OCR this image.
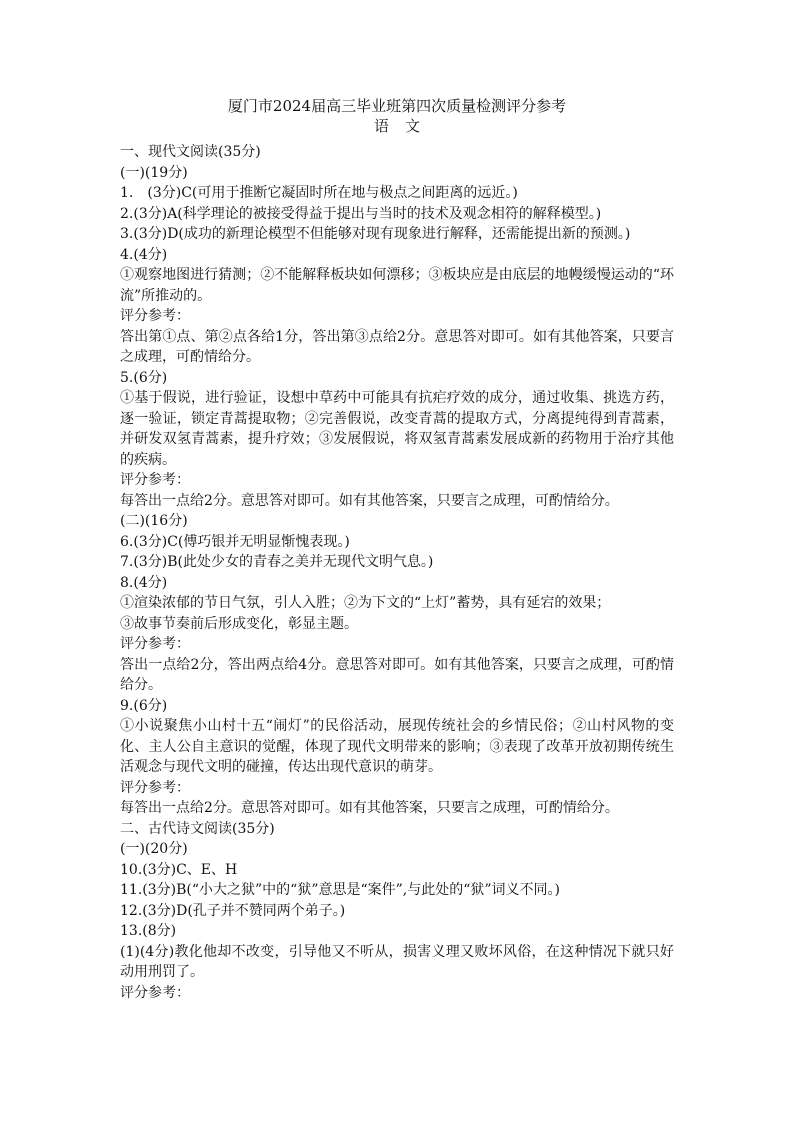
厦门市2024届高三毕业班第四次质量检测评分参考
语文

一、现代文阅读(35分)

(一)(19分)

1.　(3分)C(可用于推断它凝固时所在地与极点之间距离的远近。)

2.(3分)A(科学理论的被接受得益于提出与当时的技术及观念相符的解释模型。)

3.(3分)D(成功的新理论模型不但能够对现有现象进行解释，还需能提出新的预测。)

4.(4分)

①观察地图进行猜测；②不能解释板块如何漂移；③板块应是由底层的地幔缓慢运动的“环流”所推动的。

评分参考：

答出第①点、第②点各给1分，答出第③点给2分。意思答对即可。如有其他答案，只要言之成理，可酌情给分。

5.(6分)

①基于假说，进行验证，设想中草药中可能具有抗疟疗效的成分，通过收集、挑选方药，逐一验证，锁定青蒿提取物；②完善假说，改变青蒿的提取方式，分离提纯得到青蒿素，并研发双氢青蒿素，提升疗效；③发展假说，将双氢青蒿素发展成新的药物用于治疗其他的疾病。

评分参考：

每答出一点给2分。意思答对即可。如有其他答案，只要言之成理，可酌情给分。

(二)(16分)

6.(3分)C(傅巧银并无明显惭愧表现。)

7.(3分)B(此处少女的青春之美并无现代文明气息。)

8.(4分)

①渲染浓郁的节日气氛，引人入胜；②为下文的“上灯”蓄势，具有延宕的效果；

③故事节奏前后形成变化，彰显主题。

评分参考：

答出一点给2分，答出两点给4分。意思答对即可。如有其他答案，只要言之成理，可酌情给分。

9.(6分)

①小说聚焦小山村十五“闹灯”的民俗活动，展现传统社会的乡情民俗；②山村风物的变化、主人公自主意识的觉醒，体现了现代文明带来的影响；③表现了改革开放初期传统生活观念与现代文明的碰撞，传达出现代意识的萌芽。

评分参考：

每答出一点给2分。意思答对即可。如有其他答案，只要言之成理，可酌情给分。

二、古代诗文阅读(35分)

(一)(20分)

10.(3分)C、E、H

11.(3分)B(“小大之狱”中的“狱”意思是“案件”,与此处的“狱”词义不同。)

12.(3分)D(孔子并不赞同两个弟子。)

13.(8分)

(1)(4分)教化他却不改变，引导他又不听从，损害义理又败坏风俗，在这种情况下就只好动用刑罚了。

评分参考：
